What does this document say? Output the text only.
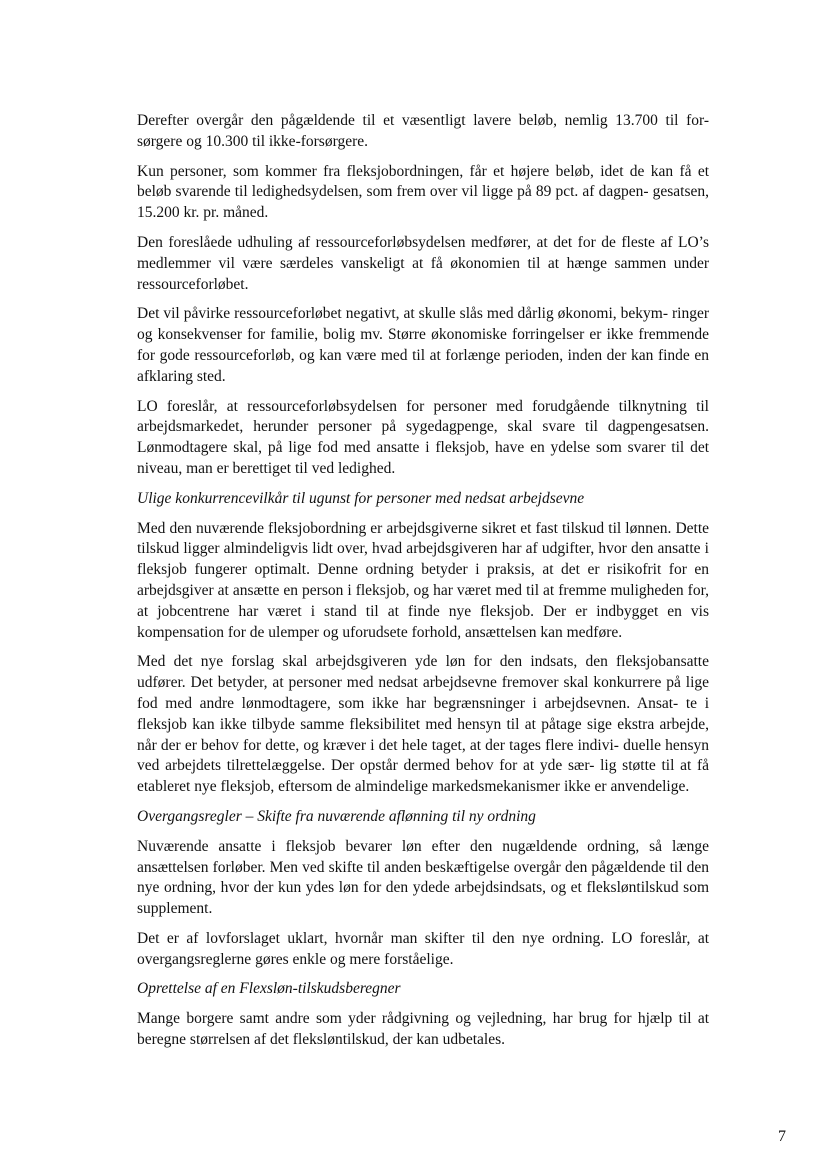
Derefter overgår den pågældende til et væsentligt lavere beløb, nemlig 13.700 til for- sørgere og 10.300 til ikke-forsørgere.

Kun personer, som kommer fra fleksjobordningen, får et højere beløb, idet de kan få et beløb svarende til ledighedsydelsen, som frem over vil ligge på 89 pct. af dagpen- gesatsen, 15.200 kr. pr. måned.

Den foreslåede udhuling af ressourceforløbsydelsen medfører, at det for de fleste af LO’s medlemmer vil være særdeles vanskeligt at få økonomien til at hænge sammen under ressourceforløbet.

Det vil påvirke ressourceforløbet negativt, at skulle slås med dårlig økonomi, bekym- ringer og konsekvenser for familie, bolig mv. Større økonomiske forringelser er ikke fremmende for gode ressourceforløb, og kan være med til at forlænge perioden, inden der kan finde en afklaring sted.

LO foreslår, at ressourceforløbsydelsen for personer med forudgående tilknytning til arbejdsmarkedet, herunder personer på sygedagpenge, skal svare til dagpengesatsen. Lønmodtagere skal, på lige fod med ansatte i fleksjob, have en ydelse som svarer til det niveau, man er berettiget til ved ledighed.

Ulige konkurrencevilkår til ugunst for personer med nedsat arbejdsevne

Med den nuværende fleksjobordning er arbejdsgiverne sikret et fast tilskud til lønnen. Dette tilskud ligger almindeligvis lidt over, hvad arbejdsgiveren har af udgifter, hvor den ansatte i fleksjob fungerer optimalt. Denne ordning betyder i praksis, at det er risikofrit for en arbejdsgiver at ansætte en person i fleksjob, og har været med til at fremme muligheden for, at jobcentrene har været i stand til at finde nye fleksjob. Der er indbygget en vis kompensation for de ulemper og uforudsete forhold, ansættelsen kan medføre.

Med det nye forslag skal arbejdsgiveren yde løn for den indsats, den fleksjobansatte udfører. Det betyder, at personer med nedsat arbejdsevne fremover skal konkurrere på lige fod med andre lønmodtagere, som ikke har begrænsninger i arbejdsevnen. Ansat- te i fleksjob kan ikke tilbyde samme fleksibilitet med hensyn til at påtage sige ekstra arbejde, når der er behov for dette, og kræver i det hele taget, at der tages flere indivi- duelle hensyn ved arbejdets tilrettelæggelse. Der opstår dermed behov for at yde sær- lig støtte til at få etableret nye fleksjob, eftersom de almindelige markedsmekanismer ikke er anvendelige.

Overgangsregler – Skifte fra nuværende aflønning til ny ordning

Nuværende ansatte i fleksjob bevarer løn efter den nugældende ordning, så længe ansættelsen forløber. Men ved skifte til anden beskæftigelse overgår den pågældende til den nye ordning, hvor der kun ydes løn for den ydede arbejdsindsats, og et fleksløntilskud som supplement.

Det er af lovforslaget uklart, hvornår man skifter til den nye ordning. LO foreslår, at overgangsreglerne gøres enkle og mere forståelige.

Oprettelse af en Flexsløn-tilskudsberegner

Mange borgere samt andre som yder rådgivning og vejledning, har brug for hjælp til at beregne størrelsen af det fleksløntilskud, der kan udbetales.

7
